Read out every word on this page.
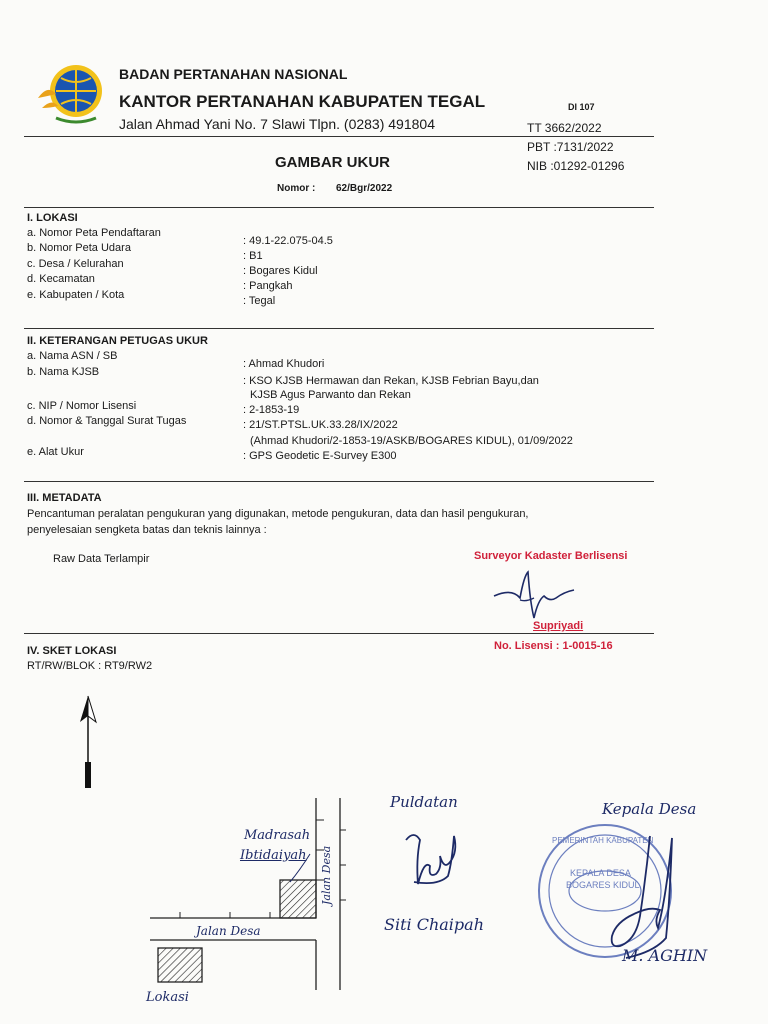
BADAN PERTANAHAN NASIONAL
KANTOR PERTANAHAN KABUPATEN TEGAL
Jalan Ahmad Yani No. 7 Slawi Tlpn. (0283) 491804
DI 107
TT 3662/2022
PBT :7131/2022
NIB :01292-01296
GAMBAR UKUR
Nomor : 62/Bgr/2022
I. LOKASI
a. Nomor Peta Pendaftaran
: 49.1-22.075-04.5
b. Nomor Peta Udara
: B1
c. Desa / Kelurahan
: Bogares Kidul
d. Kecamatan
: Pangkah
e. Kabupaten / Kota	: Tegal
II. KETERANGAN PETUGAS UKUR
a. Nama ASN / SB
: Ahmad Khudori
b. Nama KJSB
: KSO KJSB Hermawan dan Rekan, KJSB Febrian Bayu,dan
KJSB Agus Parwanto dan Rekan
c. NIP / Nomor Lisensi	: 2-1853-19
d. Nomor & Tanggal Surat Tugas	: 21/ST.PTSL.UK.33.28/IX/2022
(Ahmad Khudori/2-1853-19/ASKB/BOGARES KIDUL), 01/09/2022
e. Alat Ukur	: GPS Geodetic E-Survey E300
III. METADATA
Pencantuman peralatan pengukuran yang digunakan, metode pengukuran, data dan hasil pengukuran,
penyelesaian sengketa batas dan teknis lainnya :
Raw Data Terlampir	Surveyor Kadaster Berlisensi
Supriyadi
No. Lisensi : 1-0015-16
IV. SKET LOKASI
RT/RW/BLOK : RT9/RW2
Madrasah
Ibtidaiyah Jalan Desa
Jalan Desa
Lokasi
Puldatan
Siti Chaipah
Kepala Desa
PEMERINTAH KABUPATEN
KEPALA DESA
BOGARES KIDUL
M. AGHIN
